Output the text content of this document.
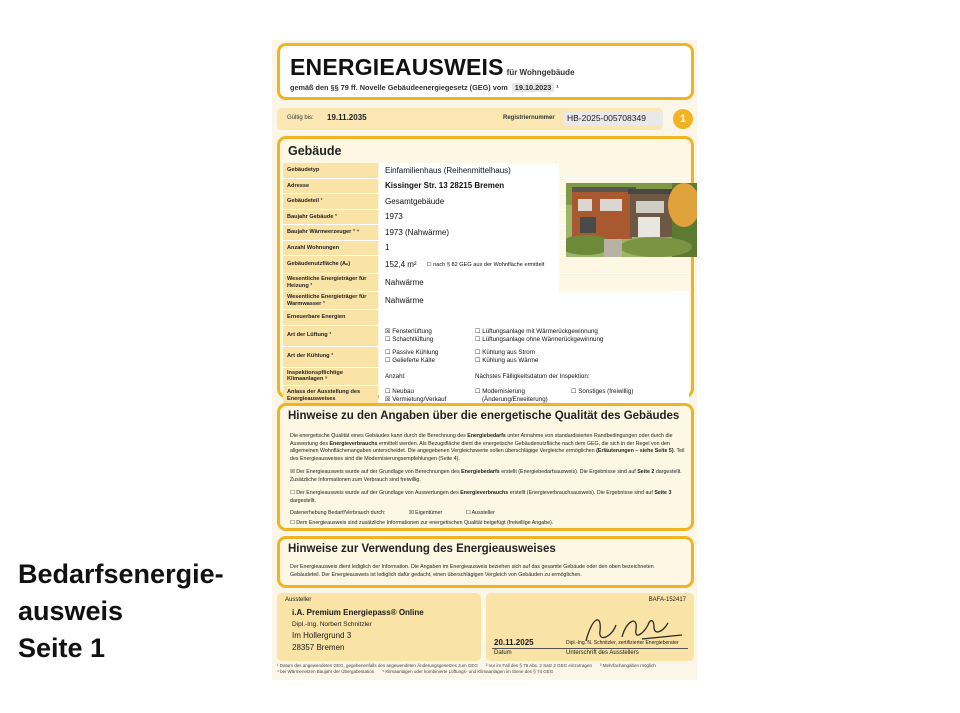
Bedarfsenergie-
ausweis
Seite 1
ENERGIEAUSWEIS für Wohngebäude
gemäß den §§ 79 ff. Novelle Gebäudeenergiegesetz (GEG) vom 19.10.2023 ¹
Gültig bis: 19.11.2035	Registriernummer	HB-2025-005708349	1
Gebäude
Gebäudetyp	Einfamilienhaus (Reihenmittelhaus)
Adresse	Kissinger Str. 13 28215 Bremen
Gebäudeteil ¹	Gesamtgebäude
Baujahr Gebäude ³	1973
Baujahr Wärmeerzeuger ³ ⁴	1973 (Nahwärme)
Anzahl Wohnungen	1
Gebäudenutzfläche (Aₙ)	152,4 m² ☐ nach § 82 GEG aus der Wohnfläche ermittelt
Wesentliche Energieträger für Heizung ³	Nahwärme
Wesentliche Energieträger für Warmwasser ³	Nahwärme
Erneuerbare Energien
Art der Lüftung ³
☒ Fensterlüftung
☐ Schachtlüftung
☐ Lüftungsanlage mit Wärmerückgewinnung
☐ Lüftungsanlage ohne Wärmerückgewinnung
Art der Kühlung ³
☐ Passive Kühlung
☐ Gelieferte Kälte
☐ Kühlung aus Strom
☐ Kühlung aus Wärme
Inspektionspflichtige Klimaanlagen ⁵	Anzahl:	Nächstes Fälligkeitsdatum der Inspektion:
Anlass der Ausstellung des Energieausweises
☐ Neubau
☒ Vermietung/Verkauf
☐ Modernisierung
(Änderung/Erweiterung)
☐ Sonstiges (freiwillig)
Hinweise zu den Angaben über die energetische Qualität des Gebäudes
Die energetische Qualität eines Gebäudes kann durch die Berechnung des Energiebedarfs unter Annahme von standardisierten Randbedingungen oder durch die Auswertung des Energieverbrauchs ermittelt werden. Als Bezugsfläche dient die energetische Gebäudenutzfläche nach dem GEG, die sich in der Regel von den allgemeinen Wohnflächenangaben unterscheidet. Die angegebenen Vergleichswerte sollen überschlägige Vergleiche ermöglichen (Erläuterungen – siehe Seite 5). Teil des Energieausweises sind die Modernisierungsempfehlungen (Seite 4).
☒ Der Energieausweis wurde auf der Grundlage von Berechnungen des Energiebedarfs erstellt (Energiebedarfsausweis). Die Ergebnisse sind auf Seite 2 dargestellt. Zusätzliche Informationen zum Verbrauch sind freiwillig.
☐ Der Energieausweis wurde auf der Grundlage von Auswertungen des Energieverbrauchs erstellt (Energieverbrauchsausweis). Die Ergebnisse sind auf Seite 3 dargestellt.
Datenerhebung Bedarf/Verbrauch durch:	☒ Eigentümer	☐ Aussteller
☐ Dem Energieausweis sind zusätzliche Informationen zur energetischen Qualität beigefügt (freiwillige Angabe).
Hinweise zur Verwendung des Energieausweises
Der Energieausweis dient lediglich der Information. Die Angaben im Energieausweis beziehen sich auf das gesamte Gebäude oder den oben bezeichneten Gebäudeteil. Der Energieausweis ist lediglich dafür gedacht, einen überschlägigen Vergleich von Gebäuden zu ermöglichen.
Aussteller
i.A. Premium Energiepass® Online
Dipl.-Ing. Norbert Schnitzler
Im Hollergrund 3
28357 Bremen
BAFA-152417
20.11.2025	Dipl.-Ing. N. Schnitzler, zertifizierter Energieberater
Datum	Unterschrift des Ausstellers
¹ Datum des angewendeten GEG, gegebenenfalls des angewendeten Änderungsgesetzes zum GEG ² nur im Fall des § 79 Abs. 2 Satz 2 GEG einzutragen ³ Mehrfachangaben möglich
⁴ bei Wärmenetzen Baujahr der Übergabestation ⁵ Klimaanlagen oder kombinierte Lüftungs- und Klimaanlagen im Sinne des § 74 GEG
